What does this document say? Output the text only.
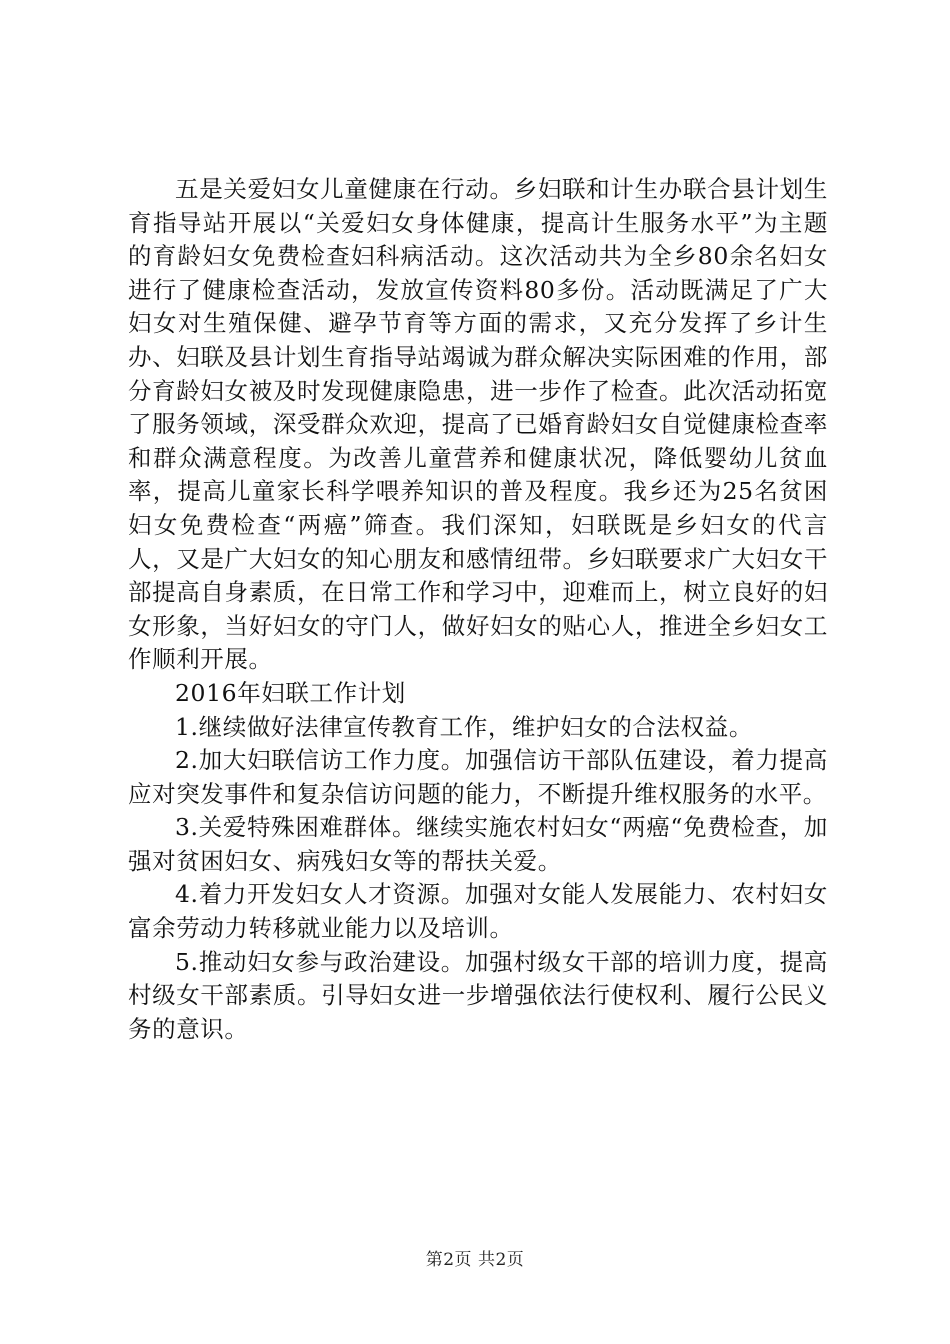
五是关爱妇女儿童健康在行动。乡妇联和计生办联合县计划生育指导站开展以“关爱妇女身体健康，提高计生服务水平”为主题的育龄妇女免费检查妇科病活动。这次活动共为全乡80余名妇女进行了健康检查活动，发放宣传资料80多份。活动既满足了广大妇女对生殖保健、避孕节育等方面的需求，又充分发挥了乡计生办、妇联及县计划生育指导站竭诚为群众解决实际困难的作用，部分育龄妇女被及时发现健康隐患，进一步作了检查。此次活动拓宽了服务领域，深受群众欢迎，提高了已婚育龄妇女自觉健康检查率和群众满意程度。为改善儿童营养和健康状况，降低婴幼儿贫血率，提高儿童家长科学喂养知识的普及程度。我乡还为25名贫困妇女免费检查“两癌”筛查。我们深知，妇联既是乡妇女的代言人，又是广大妇女的知心朋友和感情纽带。乡妇联要求广大妇女干部提高自身素质，在日常工作和学习中，迎难而上，树立良好的妇女形象，当好妇女的守门人，做好妇女的贴心人，推进全乡妇女工作顺利开展。

2016年妇联工作计划

1.继续做好法律宣传教育工作，维护妇女的合法权益。

2.加大妇联信访工作力度。加强信访干部队伍建设，着力提高应对突发事件和复杂信访问题的能力，不断提升维权服务的水平。

3.关爱特殊困难群体。继续实施农村妇女“两癌“免费检查，加强对贫困妇女、病残妇女等的帮扶关爱。

4.着力开发妇女人才资源。加强对女能人发展能力、农村妇女富余劳动力转移就业能力以及培训。

5.推动妇女参与政治建设。加强村级女干部的培训力度，提高村级女干部素质。引导妇女进一步增强依法行使权利、履行公民义务的意识。

第2页 共2页
